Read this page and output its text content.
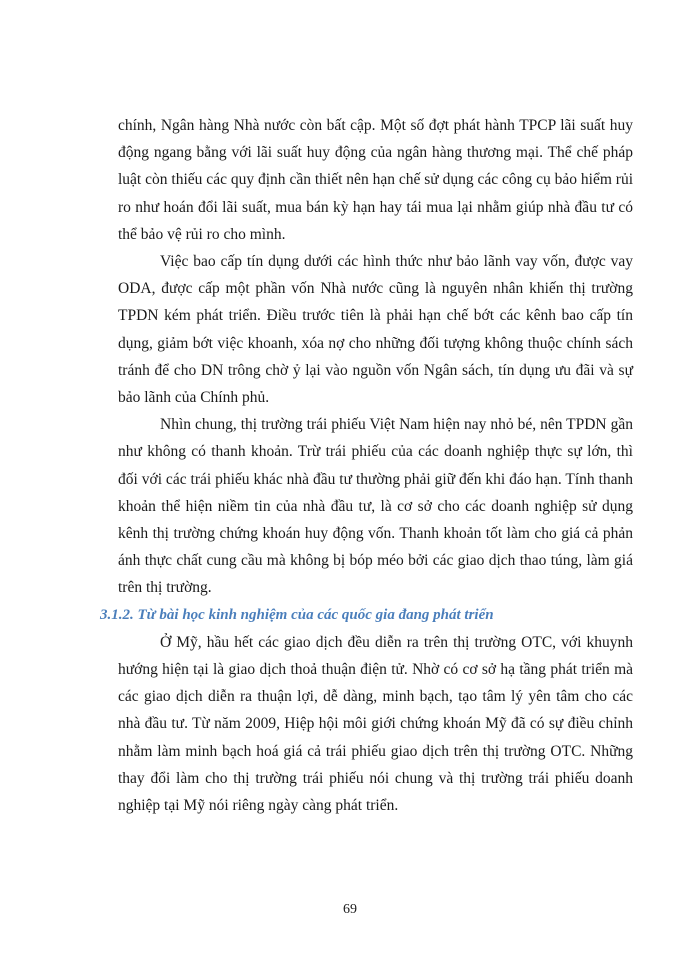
chính, Ngân hàng Nhà nước còn bất cập. Một số đợt phát hành TPCP lãi suất huy động ngang bằng với lãi suất huy động của ngân hàng thương mại. Thể chế pháp luật còn thiếu các quy định cần thiết nên hạn chế sử dụng các công cụ bảo hiểm rủi ro như hoán đổi lãi suất, mua bán kỳ hạn hay tái mua lại nhằm giúp nhà đầu tư có thể bảo vệ rủi ro cho mình.

Việc bao cấp tín dụng dưới các hình thức như bảo lãnh vay vốn, được vay ODA, được cấp một phần vốn Nhà nước cũng là nguyên nhân khiến thị trường TPDN kém phát triển. Điều trước tiên là phải hạn chế bớt các kênh bao cấp tín dụng, giảm bớt việc khoanh, xóa nợ cho những đối tượng không thuộc chính sách tránh để cho DN trông chờ ỷ lại vào nguồn vốn Ngân sách, tín dụng ưu đãi và sự bảo lãnh của Chính phủ.

Nhìn chung, thị trường trái phiếu Việt Nam hiện nay nhỏ bé, nên TPDN gần như không có thanh khoản. Trừ trái phiếu của các doanh nghiệp thực sự lớn, thì đối với các trái phiếu khác nhà đầu tư thường phải giữ đến khi đáo hạn. Tính thanh khoản thể hiện niềm tin của nhà đầu tư, là cơ sở cho các doanh nghiệp sử dụng kênh thị trường chứng khoán huy động vốn. Thanh khoản tốt làm cho giá cả phản ánh thực chất cung cầu mà không bị bóp méo bởi các giao dịch thao túng, làm giá trên thị trường.

3.1.2. Từ bài học kinh nghiệm của các quốc gia đang phát triển

Ở Mỹ, hầu hết các giao dịch đều diễn ra trên thị trường OTC, với khuynh hướng hiện tại là giao dịch thoả thuận điện tử. Nhờ có cơ sở hạ tầng phát triển mà các giao dịch diễn ra thuận lợi, dễ dàng, minh bạch, tạo tâm lý yên tâm cho các nhà đầu tư. Từ năm 2009, Hiệp hội môi giới chứng khoán Mỹ đã có sự điều chỉnh nhằm làm minh bạch hoá giá cả trái phiếu giao dịch trên thị trường OTC. Những thay đổi làm cho thị trường trái phiếu nói chung và thị trường trái phiếu doanh nghiệp tại Mỹ nói riêng ngày càng phát triển.

69
